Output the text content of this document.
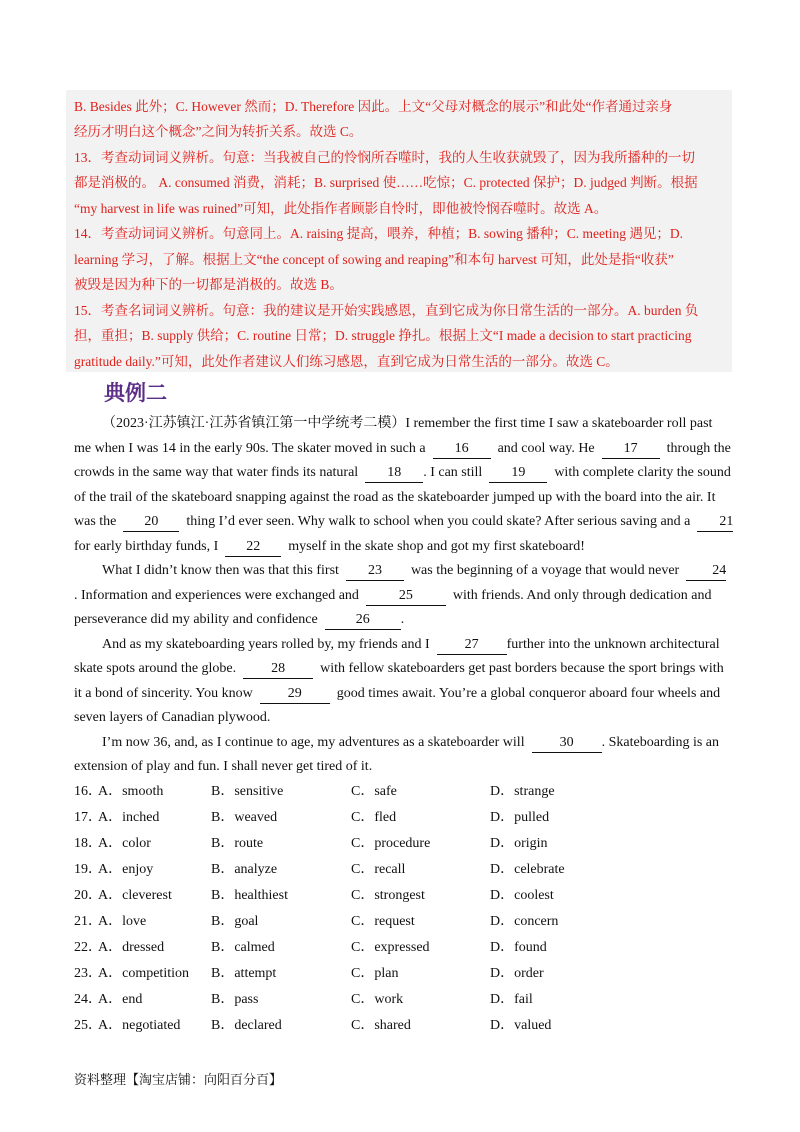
B. Besides 此外；C. However 然而；D. Therefore 因此。上文“父母对概念的展示”和此处“作者通过亲身
经历才明白这个概念”之间为转折关系。故选 C。
13．考查动词词义辨析。句意：当我被自己的怜悯所吞噬时，我的人生收获就毁了，因为我所播种的一切
都是消极的。 A. consumed 消费，消耗；B. surprised 使……吃惊；C. protected 保护；D. judged 判断。根据
“my harvest in life was ruined”可知，此处指作者顾影自怜时，即他被怜悯吞噬时。故选 A。
14．考查动词词义辨析。句意同上。A. raising 提高，喂养，种植；B. sowing 播种；C. meeting 遇见；D.
learning 学习，了解。根据上文“the concept of sowing and reaping”和本句 harvest 可知，此处是指“收获”
被毁是因为种下的一切都是消极的。故选 B。
15．考查名词词义辨析。句意：我的建议是开始实践感恩，直到它成为你日常生活的一部分。A. burden 负
担，重担；B. supply 供给；C. routine 日常；D. struggle 挣扎。根据上文“I made a decision to start practicing
gratitude daily.”可知，此处作者建议人们练习感恩，直到它成为日常生活的一部分。故选 C。
典例二
（2023·江苏镇江·江苏省镇江第一中学统考二模）I remember the first time I saw a skateboarder roll past
me when I was 14 in the early 90s. The skater moved in such a 16 and cool way. He 17 through the
crowds in the same way that water finds its natural 18 . I can still 19 with complete clarity the sound
of the trail of the skateboard snapping against the road as the skateboarder jumped up with the board into the air. It
was the 20 thing I’d ever seen. Why walk to school when you could skate? After serious saving and a 21
for early birthday funds, I 22 myself in the skate shop and got my first skateboard!
What I didn’t know then was that this first 23 was the beginning of a voyage that would never 24
. Information and experiences were exchanged and	25	with friends. And only through dedication and
perseverance did my ability and confidence	26 .
And as my skateboarding years rolled by, my friends and I	27 further into the unknown architectural
skate spots around the globe.	28	with fellow skateboarders get past borders because the sport brings with
it a bond of sincerity. You know	29	good times await. You’re a global conqueror aboard four wheels and
seven layers of Canadian plywood.
I’m now 36, and, as I continue to age, my adventures as a skateboarder will	30 . Skateboarding is an
extension of play and fun. I shall never get tired of it.
16．
A．smooth	B．sensitive	C．safe	D．strange
17．
A．inched	B．weaved	C．fled	D．pulled
18．
A．color	B．route	C．procedure	D．origin
19．
A．enjoy	B．analyze	C．recall	D．celebrate
20．
A．cleverest	B．healthiest	C．strongest	D．coolest
21．
A．love	B．goal	C．request	D．concern
22．
A．dressed	B．calmed	C．expressed	D．found
23．
A．competition B．attempt	C．plan	D．order
24．
A．end	B．pass	C．work	D．fail
25．
A．negotiated B．declared	C．shared	D．valued
资料整理【淘宝店铺：向阳百分百】
